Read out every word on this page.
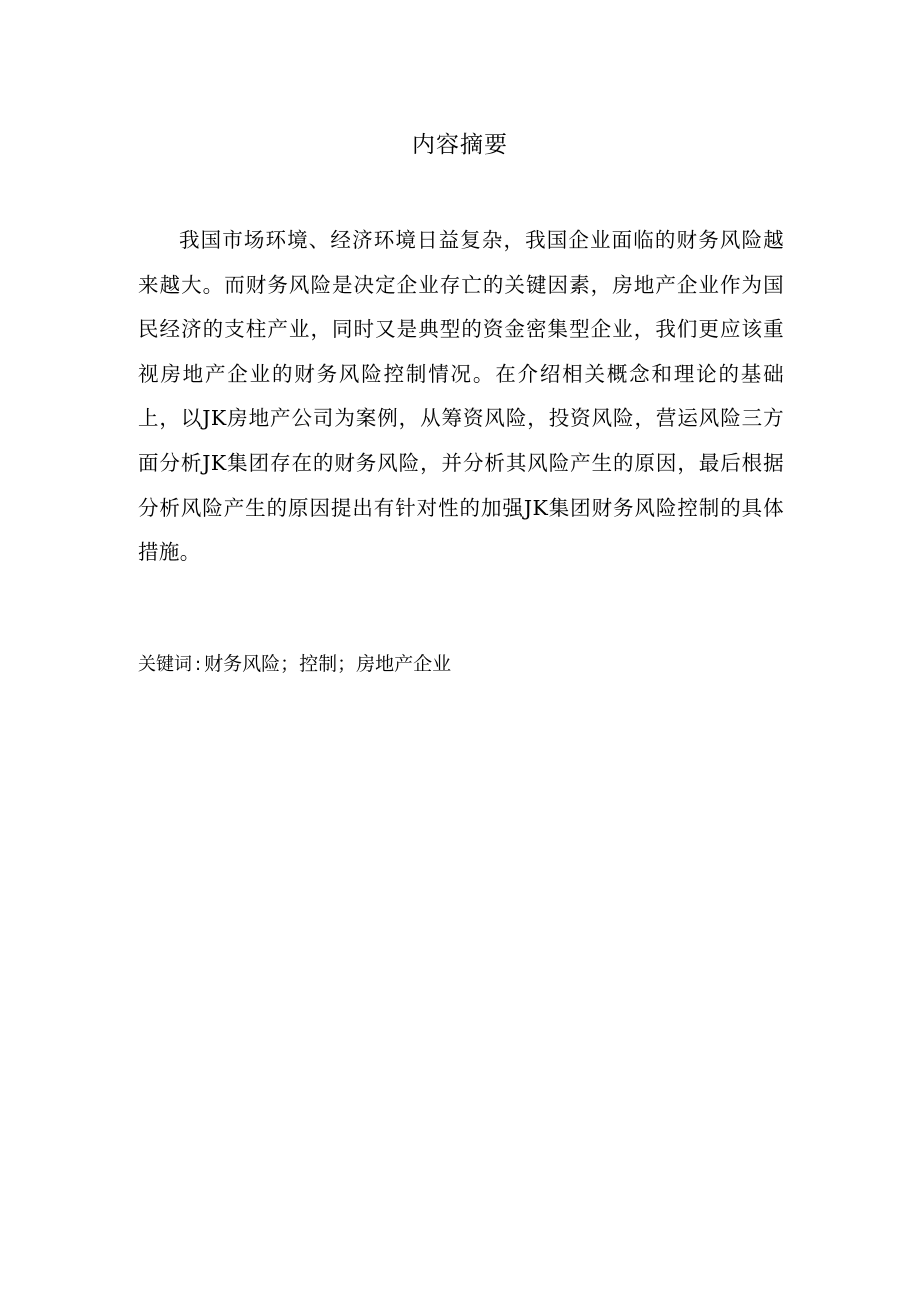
内容摘要

我国市场环境、经济环境日益复杂，我国企业面临的财务风险越来越大。而财务风险是决定企业存亡的关键因素，房地产企业作为国民经济的支柱产业，同时又是典型的资金密集型企业，我们更应该重视房地产企业的财务风险控制情况。在介绍相关概念和理论的基础上，以JK房地产公司为案例，从筹资风险，投资风险，营运风险三方面分析JK集团存在的财务风险，并分析其风险产生的原因，最后根据分析风险产生的原因提出有针对性的加强JK集团财务风险控制的具体措施。

关键词 : 财务风险；控制；房地产企业
